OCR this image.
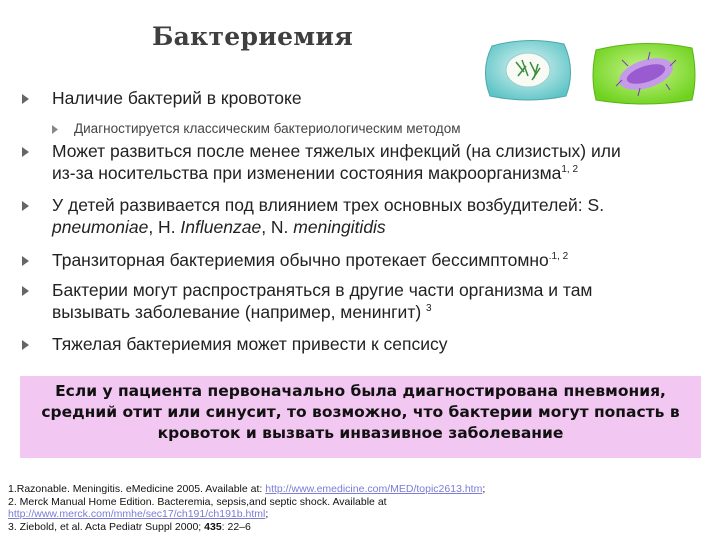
Бактериемия
Наличие бактерий в кровотоке
Диагностируется классическим бактериологическим методом
Может развиться после менее тяжелых инфекций (на слизистых) или
из-за носительства при изменении состояния макроорганизма$^{1, 2}$
У детей развивается под влиянием трех основных возбудителей: S.
pneumoniae, H. Influenzae, N. meningitidis
Транзиторная бактериемия обычно протекает бессимптомно$^{.1, 2}$
Бактерии могут распространяться в другие части организма и там
вызывать заболевание (например, менингит) $^3$
Тяжелая бактериемия может привести к сепсису
Если у пациента первоначально была диагностирована пневмония, средний отит или синусит, то возможно, что бактерии могут попасть в кровоток и вызвать инвазивное заболевание
1.Razonable. Meningitis. eMedicine 2005. Available at: http://www.emedicine.com/MED/topic2613.htm;
2. Merck Manual Home Edition. Bacteremia, sepsis,and septic shock. Available at
http://www.merck.com/mmhe/sec17/ch191/ch191b.html;
3. Ziebold, et al. Acta Pediatr Suppl 2000; 435: 22–6
